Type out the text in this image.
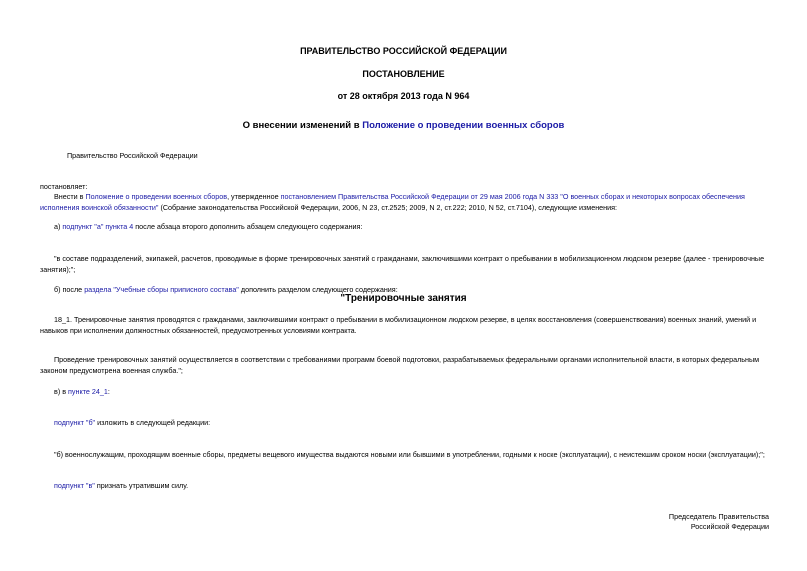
ПРАВИТЕЛЬСТВО РОССИЙСКОЙ ФЕДЕРАЦИИ
ПОСТАНОВЛЕНИЕ
от 28 октября 2013 года N 964
О внесении изменений в Положение о проведении военных сборов
Правительство Российской Федерации
постановляет:
Внести в Положение о проведении военных сборов, утвержденное постановлением Правительства Российской Федерации от 29 мая 2006 года N 333 "О военных сборах и некоторых вопросах обеспечения исполнения воинской обязанности" (Собрание законодательства Российской Федерации, 2006, N 23, ст.2525; 2009, N 2, ст.222; 2010, N 52, ст.7104), следующие изменения:
а) подпункт "а" пункта 4 после абзаца второго дополнить абзацем следующего содержания:
"в составе подразделений, экипажей, расчетов, проводимые в форме тренировочных занятий с гражданами, заключившими контракт о пребывании в мобилизационном людском резерве (далее - тренировочные занятия);";
б) после раздела "Учебные сборы приписного состава" дополнить разделом следующего содержания:
"Тренировочные занятия
18_1. Тренировочные занятия проводятся с гражданами, заключившими контракт о пребывании в мобилизационном людском резерве, в целях восстановления (совершенствования) военных знаний, умений и навыков при исполнении должностных обязанностей, предусмотренных условиями контракта.
Проведение тренировочных занятий осуществляется в соответствии с требованиями программ боевой подготовки, разрабатываемых федеральными органами исполнительной власти, в которых федеральным законом предусмотрена военная служба.";
в) в пункте 24_1:
подпункт "б" изложить в следующей редакции:
"б) военнослужащим, проходящим военные сборы, предметы вещевого имущества выдаются новыми или бывшими в употреблении, годными к носке (эксплуатации), с неистекшим сроком носки (эксплуатации);";
подпункт "в" признать утратившим силу.
Председатель Правительства
Российской Федерации
